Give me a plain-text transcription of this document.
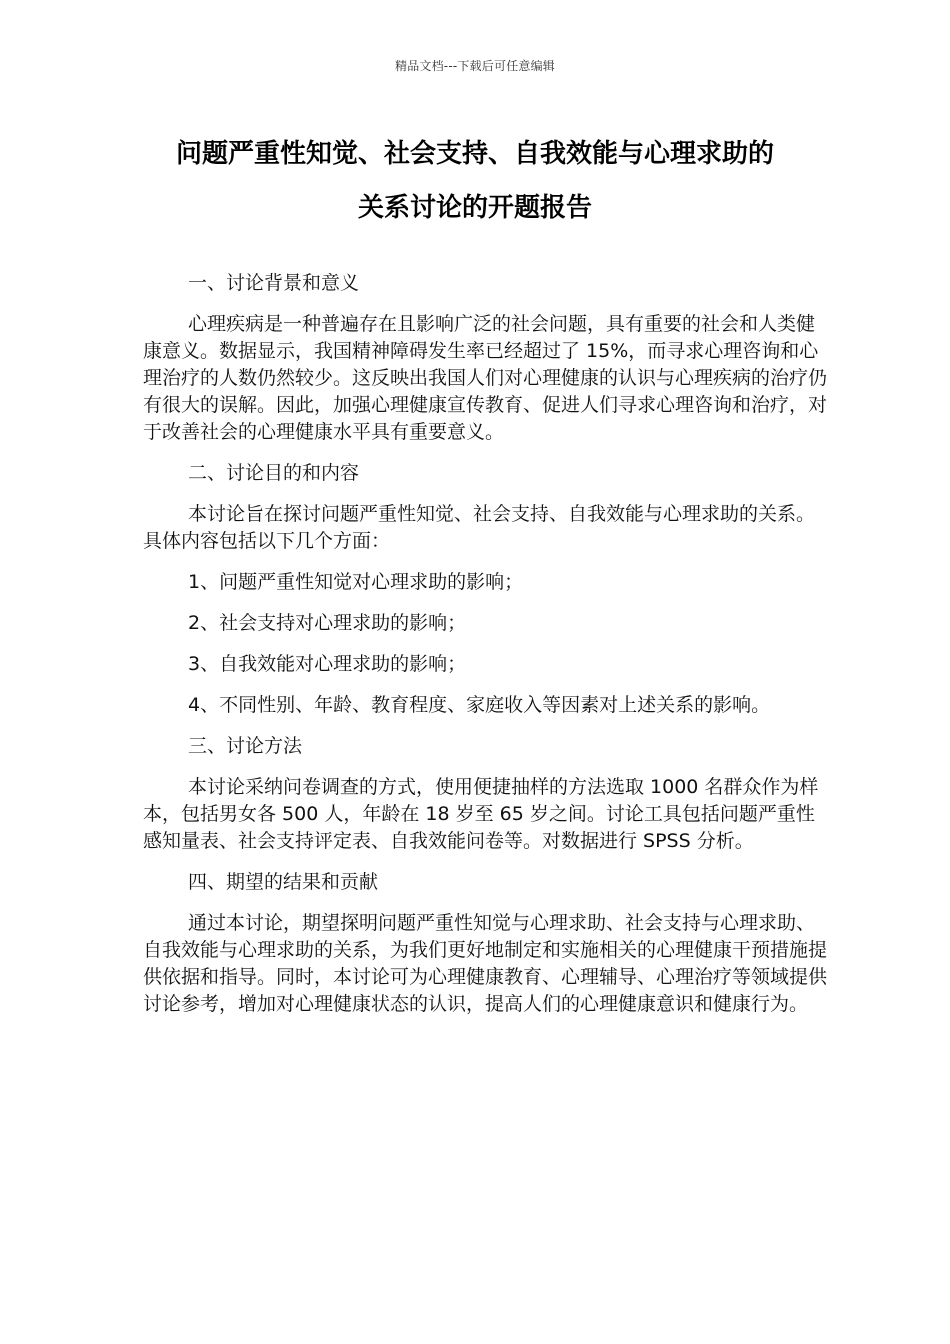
精品文档---下载后可任意编辑
问题严重性知觉、社会支持、自我效能与心理求助的
关系讨论的开题报告
一、讨论背景和意义

心理疾病是一种普遍存在且影响广泛的社会问题，具有重要的社会和人类健康意义。数据显示，我国精神障碍发生率已经超过了 15%，而寻求心理咨询和心理治疗的人数仍然较少。这反映出我国人们对心理健康的认识与心理疾病的治疗仍有很大的误解。因此，加强心理健康宣传教育、促进人们寻求心理咨询和治疗，对于改善社会的心理健康水平具有重要意义。

二、讨论目的和内容

本讨论旨在探讨问题严重性知觉、社会支持、自我效能与心理求助的关系。具体内容包括以下几个方面：

1、问题严重性知觉对心理求助的影响；
2、社会支持对心理求助的影响；
3、自我效能对心理求助的影响；
4、不同性别、年龄、教育程度、家庭收入等因素对上述关系的影响。
三、讨论方法

本讨论采纳问卷调查的方式，使用便捷抽样的方法选取 1000 名群众作为样本，包括男女各 500 人，年龄在 18 岁至 65 岁之间。讨论工具包括问题严重性感知量表、社会支持评定表、自我效能问卷等。对数据进行 SPSS 分析。

四、期望的结果和贡献

通过本讨论，期望探明问题严重性知觉与心理求助、社会支持与心理求助、自我效能与心理求助的关系，为我们更好地制定和实施相关的心理健康干预措施提供依据和指导。同时，本讨论可为心理健康教育、心理辅导、心理治疗等领域提供讨论参考，增加对心理健康状态的认识，提高人们的心理健康意识和健康行为。
